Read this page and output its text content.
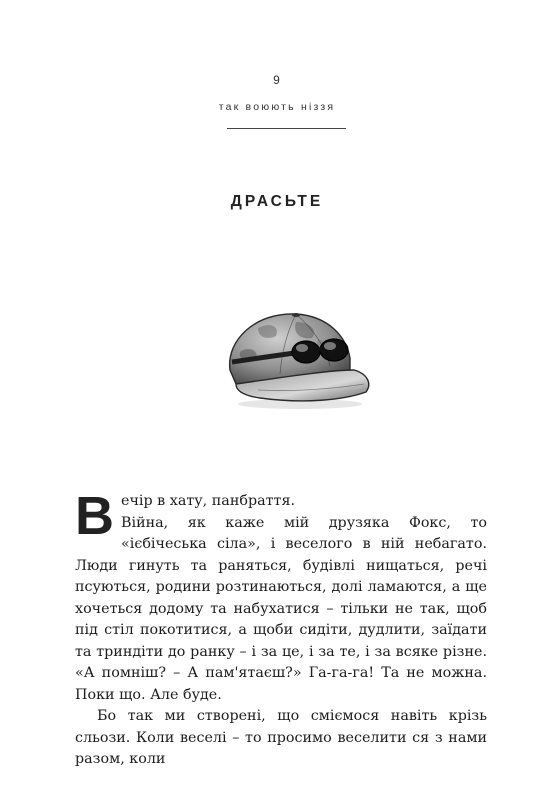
9
так воюють ніззя
ДРАСЬТЕ

Вечір в хату, панбраття.

Війна, як каже мій друзяка Фокс, то «ієбічеська сіла», і веселого в ній небагато. Люди гинуть та раняться, будівлі нищаться, речі псуються, родини розтинаються, долі ламаются, а ще хочеться додому та набухатися – тільки не так, щоб під стіл покотитися, а щоби сидіти, дудлити, заїдати та триндіти до ранку – і за це, і за те, і за всяке різне. «А помніш? – А пам'ятаєш?» Га-га-га! Та не можна. Поки що. Але буде.

Бо так ми створені, що сміємося навіть крізь сльози. Коли веселі – то просимо веселити ся з нами разом, коли
